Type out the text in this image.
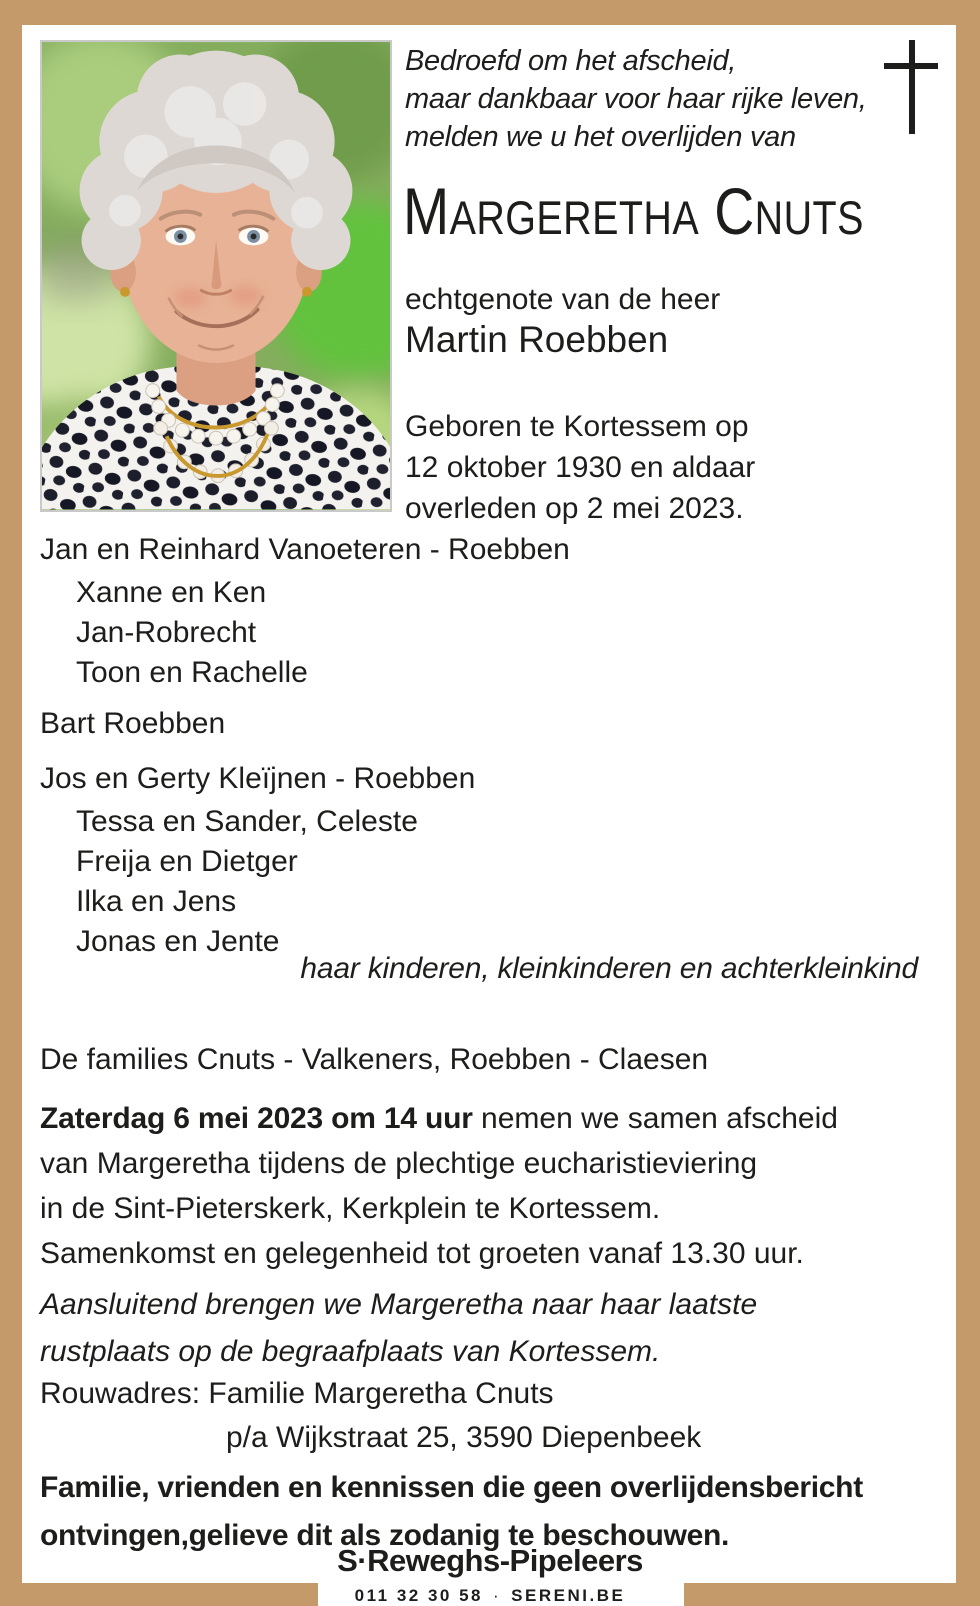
Bedroefd om het afscheid,
maar dankbaar voor haar rijke leven,
melden we u het overlijden van
MARGERETHA CNUTS
echtgenote van de heer
Martin Roebben
Geboren te Kortessem op
12 oktober 1930 en aldaar
overleden op 2 mei 2023.
Jan en Reinhard Vanoeteren - Roebben
Xanne en Ken
Jan-Robrecht
Toon en Rachelle
Bart Roebben
Jos en Gerty Kleïjnen - Roebben
Tessa en Sander, Celeste
Freija en Dietger
Ilka en Jens
Jonas en Jente
haar kinderen, kleinkinderen en achterkleinkind
De families Cnuts - Valkeners, Roebben - Claesen
Zaterdag 6 mei 2023 om 14 uur nemen we samen afscheid
van Margeretha tijdens de plechtige eucharistieviering
in de Sint-Pieterskerk, Kerkplein te Kortessem.
Samenkomst en gelegenheid tot groeten vanaf 13.30 uur.
Aansluitend brengen we Margeretha naar haar laatste
rustplaats op de begraafplaats van Kortessem.
Rouwadres: Familie Margeretha Cnuts
p/a Wijkstraat 25, 3590 Diepenbeek
Familie, vrienden en kennissen die geen overlijdensbericht
ontvingen,gelieve dit als zodanig te beschouwen.
S·Reweghs-Pipeleers
011 32 30 58 · SERENI.BE
